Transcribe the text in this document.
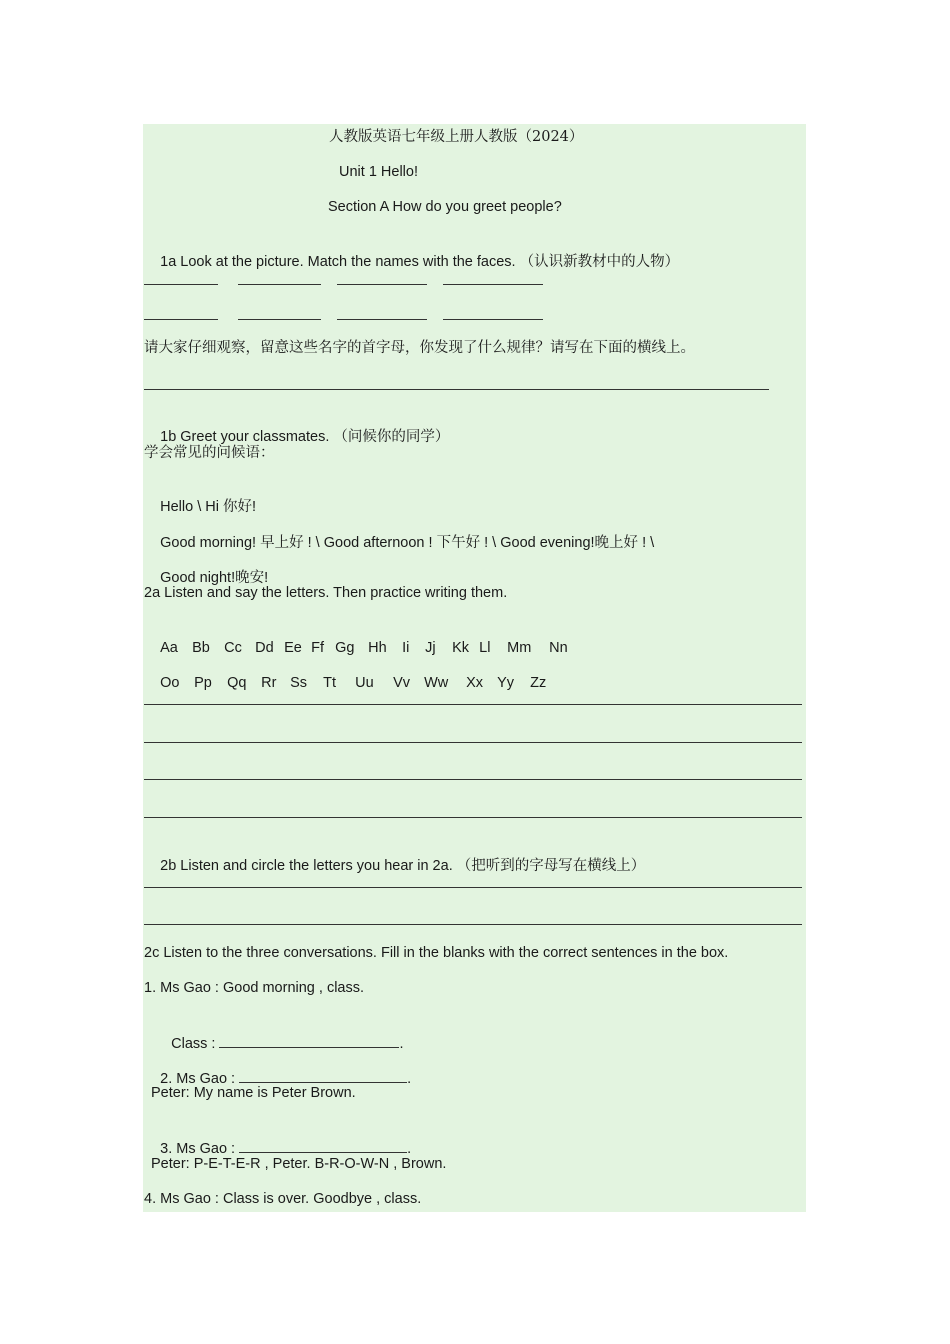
人教版英语七年级上册人教版（2024）
Unit 1 Hello!
Section A How do you greet people?

1a Look at the picture. Match the names with the faces. （认识新教材中的人物）

请大家仔细观察，留意这些名字的首字母，你发现了什么规律？请写在下面的横线上。

1b Greet your classmates. （问候你的同学）

学会常见的问候语：

Hello \ Hi 你好!

Good morning! 早上好 ! \ Good afternoon ! 下午好 ! \ Good evening!晚上好 ! \

Good night!晚安!

2a Listen and say the letters. Then practice writing them.

Aa Bb Cc Dd Ee Ff Gg Hh Ii Jj Kk Ll Mm Nn

Oo Pp Qq Rr Ss Tt Uu Vv Ww Xx Yy Zz

2b Listen and circle the letters you hear in 2a. （把听到的字母写在横线上）

2c Listen to the three conversations. Fill in the blanks with the correct sentences in the box.
1. Ms Gao : Good morning , class.

Class :	.

2. Ms Gao :	.

Peter: My name is Peter Brown.

3. Ms Gao :	.

Peter: P-E-T-E-R , Peter. B-R-O-W-N , Brown.
4. Ms Gao : Class is over. Goodbye , class.
